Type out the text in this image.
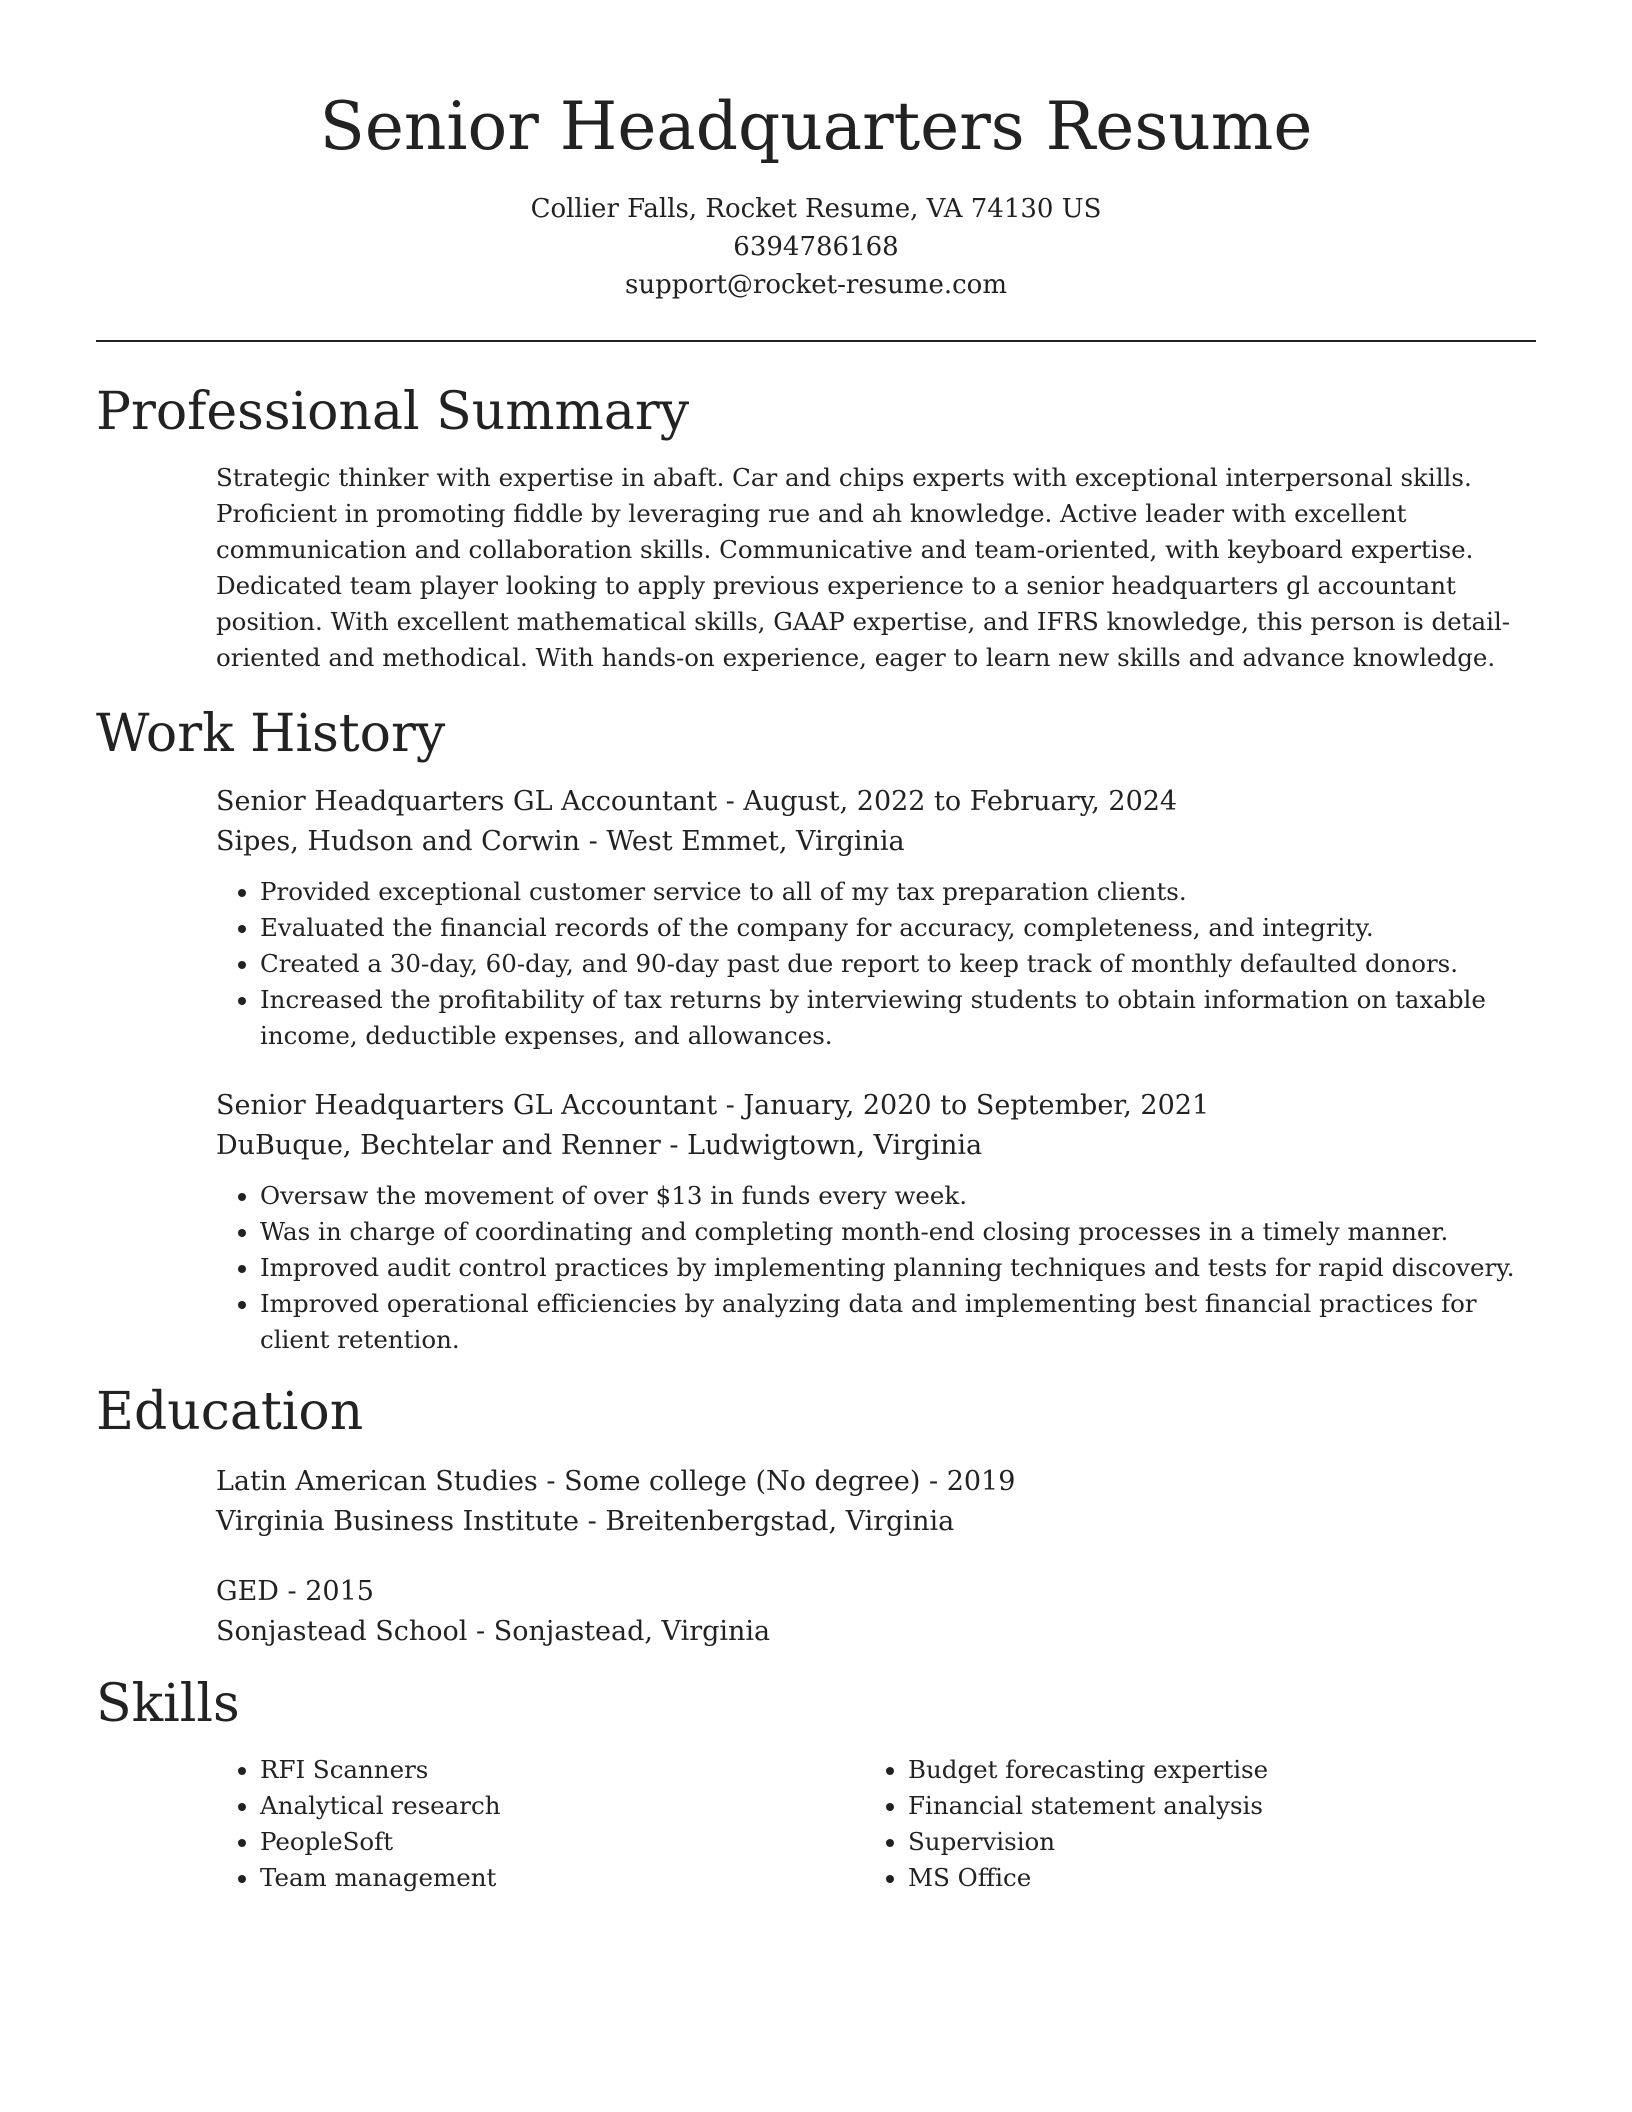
Senior Headquarters Resume

Collier Falls, Rocket Resume, VA 74130 US

6394786168

support@rocket-resume.com

Professional Summary

Strategic thinker with expertise in abaft. Car and chips experts with exceptional interpersonal skills. Proficient in promoting fiddle by leveraging rue and ah knowledge. Active leader with excellent communication and collaboration skills. Communicative and team-oriented, with keyboard expertise. Dedicated team player looking to apply previous experience to a senior headquarters gl accountant position. With excellent mathematical skills, GAAP expertise, and IFRS knowledge, this person is detail-oriented and methodical. With hands-on experience, eager to learn new skills and advance knowledge.

Work History

Senior Headquarters GL Accountant - August, 2022 to February, 2024

Sipes, Hudson and Corwin - West Emmet, Virginia

• Provided exceptional customer service to all of my tax preparation clients.
• Evaluated the financial records of the company for accuracy, completeness, and integrity.
• Created a 30-day, 60-day, and 90-day past due report to keep track of monthly defaulted donors.
• Increased the profitability of tax returns by interviewing students to obtain information on taxable income, deductible expenses, and allowances.

Senior Headquarters GL Accountant - January, 2020 to September, 2021

DuBuque, Bechtelar and Renner - Ludwigtown, Virginia

• Oversaw the movement of over $13 in funds every week.
• Was in charge of coordinating and completing month-end closing processes in a timely manner.
• Improved audit control practices by implementing planning techniques and tests for rapid discovery.
• Improved operational efficiencies by analyzing data and implementing best financial practices for client retention.
Education

Latin American Studies - Some college (No degree) - 2019

Virginia Business Institute - Breitenbergstad, Virginia

GED - 2015

Sonjastead School - Sonjastead, Virginia

Skills
• RFI Scanners
• Analytical research
• PeopleSoft
• Team management
• Budget forecasting expertise
• Financial statement analysis
• Supervision
• MS Office
